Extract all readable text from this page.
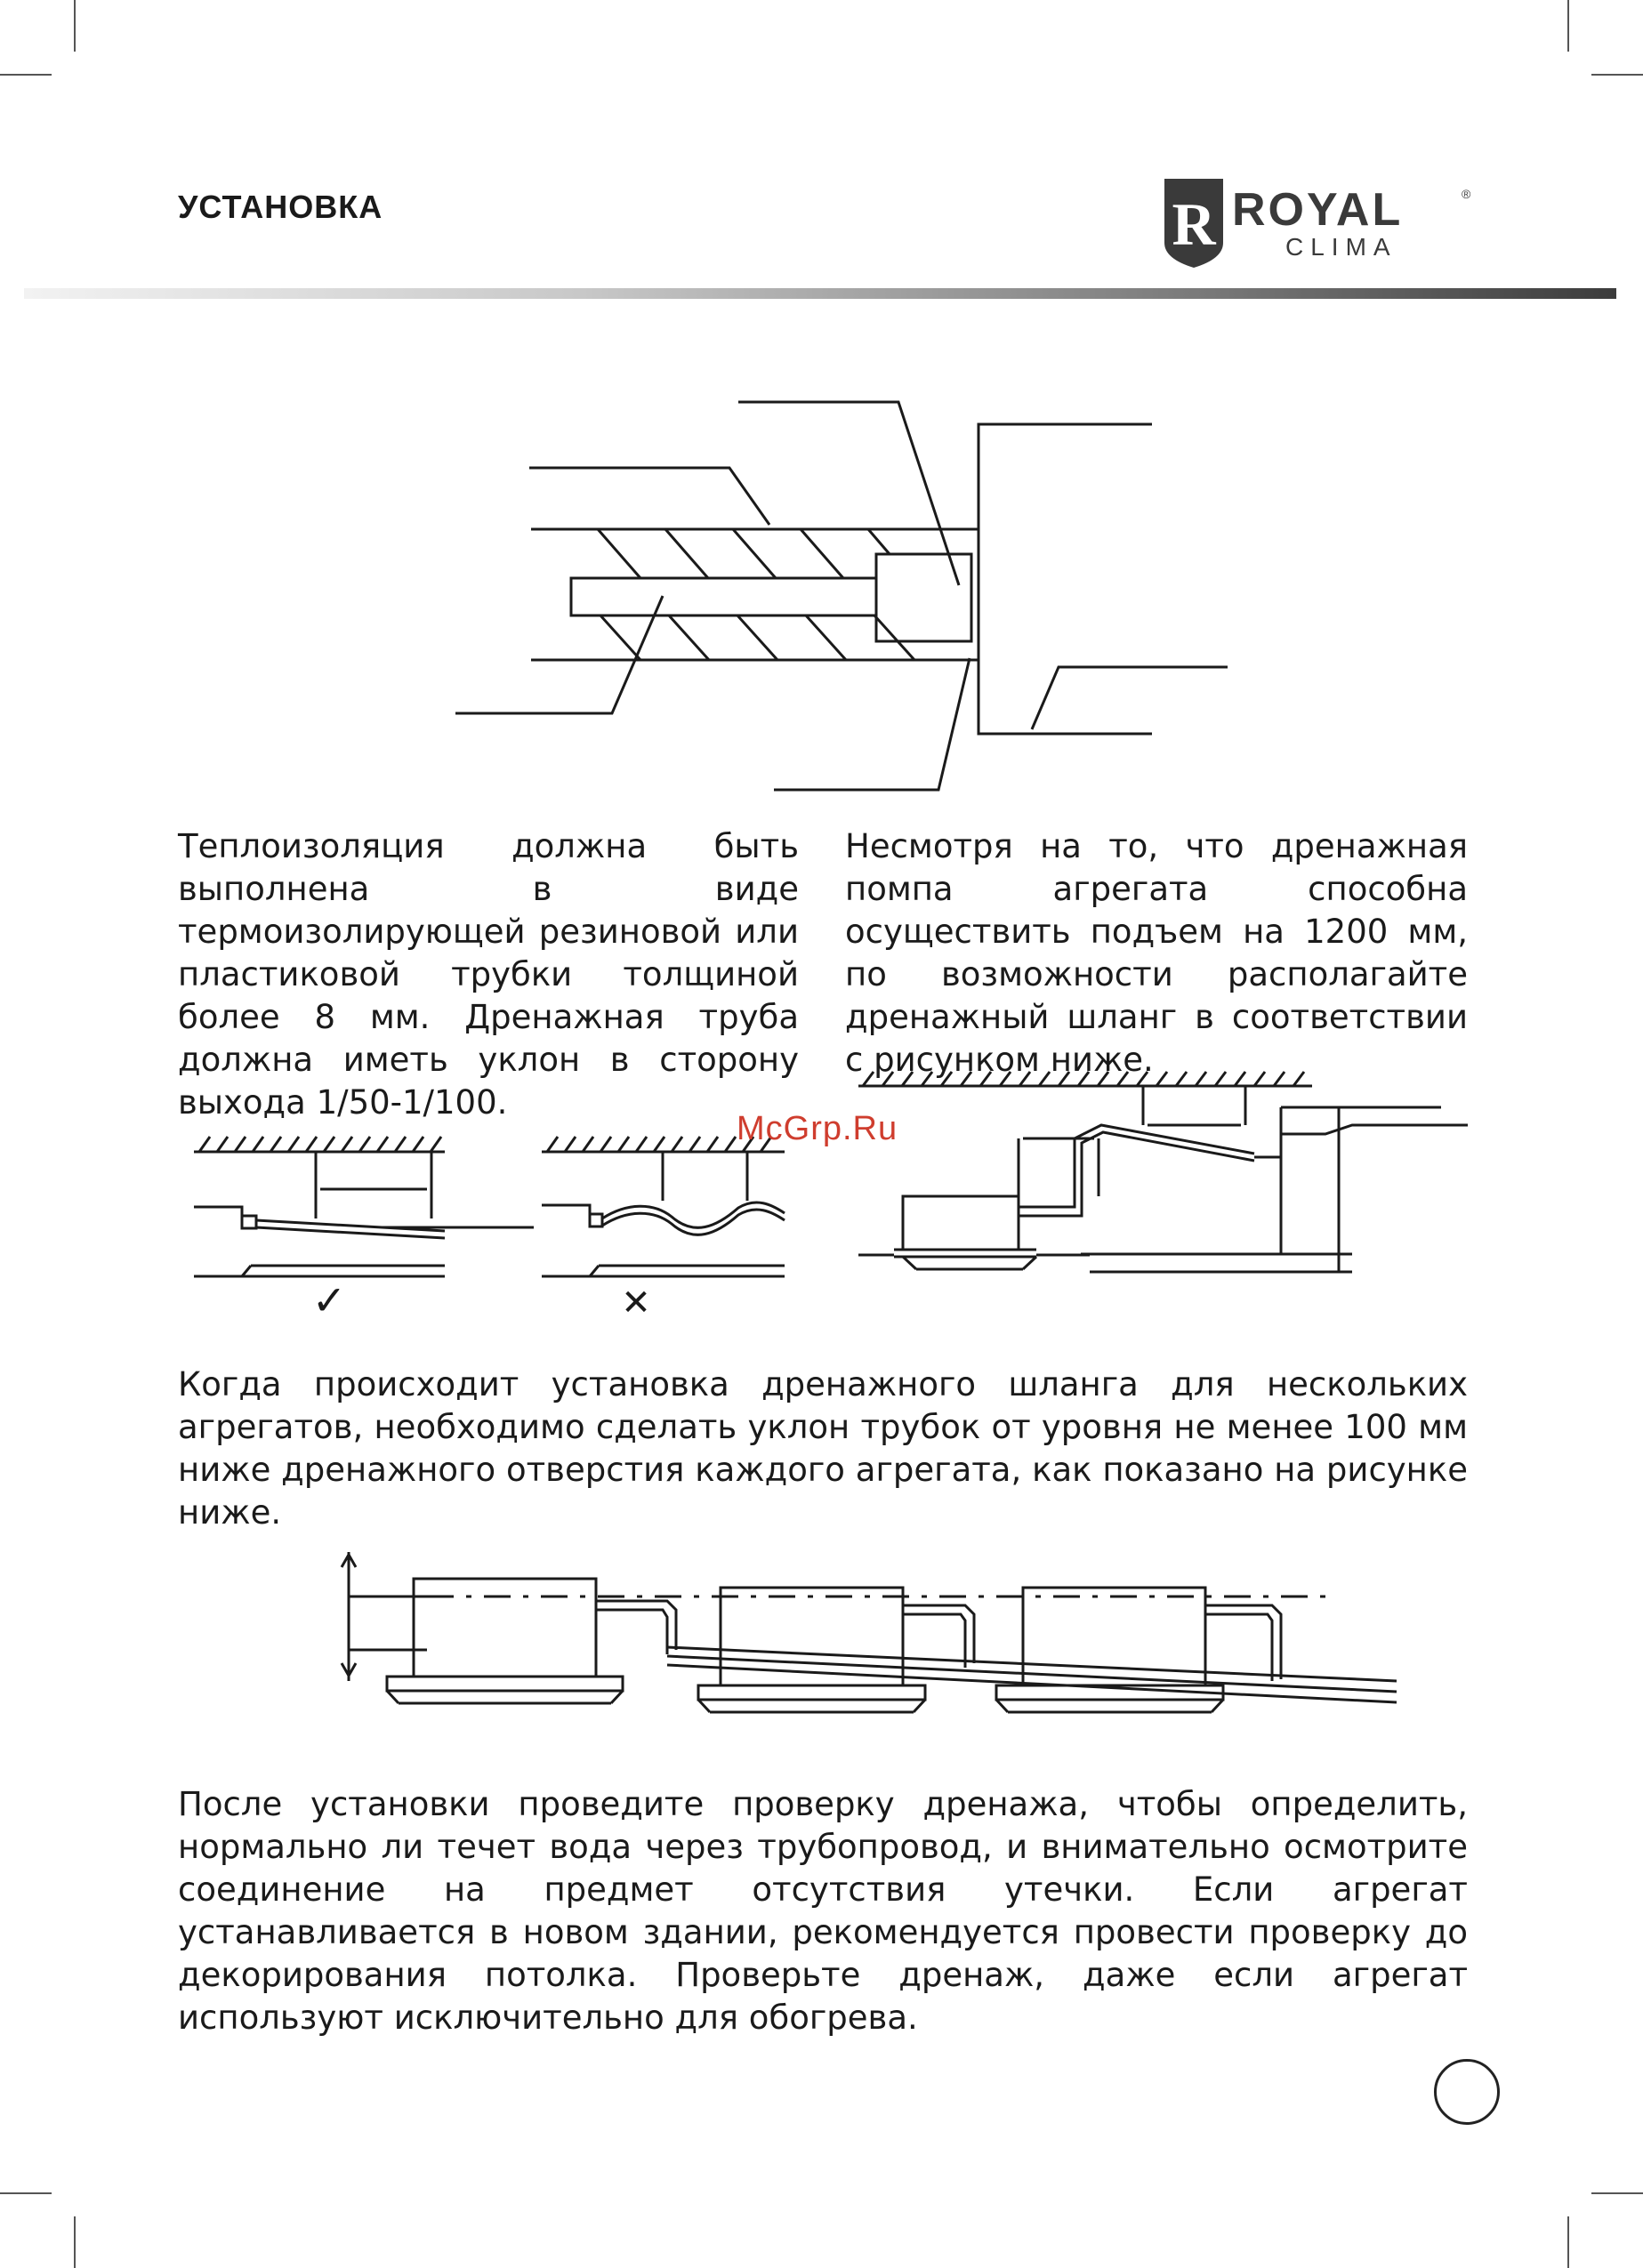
УСТАНОВКА	R ROYAL	®
CLIMA

Теплоизоляция должна быть выполнена в виде термоизолирующей резиновой или пластиковой трубки толщиной более 8 мм. Дренажная труба должна иметь уклон в сторону выхода 1/50-1/100.

Несмотря на то, что дренажная помпа агрегата способна осуществить подъем на 1200 мм, по возможности располагайте дренажный шланг в соответствии с рисунком ниже.

✓	✕
McGrp.Ru

Когда происходит установка дренажного шланга для нескольких агрегатов, необходимо сделать уклон трубок от уровня не менее 100 мм ниже дренажного отверстия каждого агрегата, как показано на рисунке ниже.

После установки проведите проверку дренажа, чтобы определить, нормально ли течет вода через трубопровод, и внимательно осмотрите соединение на предмет отсутствия утечки. Если агрегат устанавливается в новом здании, рекомендуется провести проверку до декорирования потолка. Проверьте дренаж, даже если агрегат используют исключительно для обогрева.
